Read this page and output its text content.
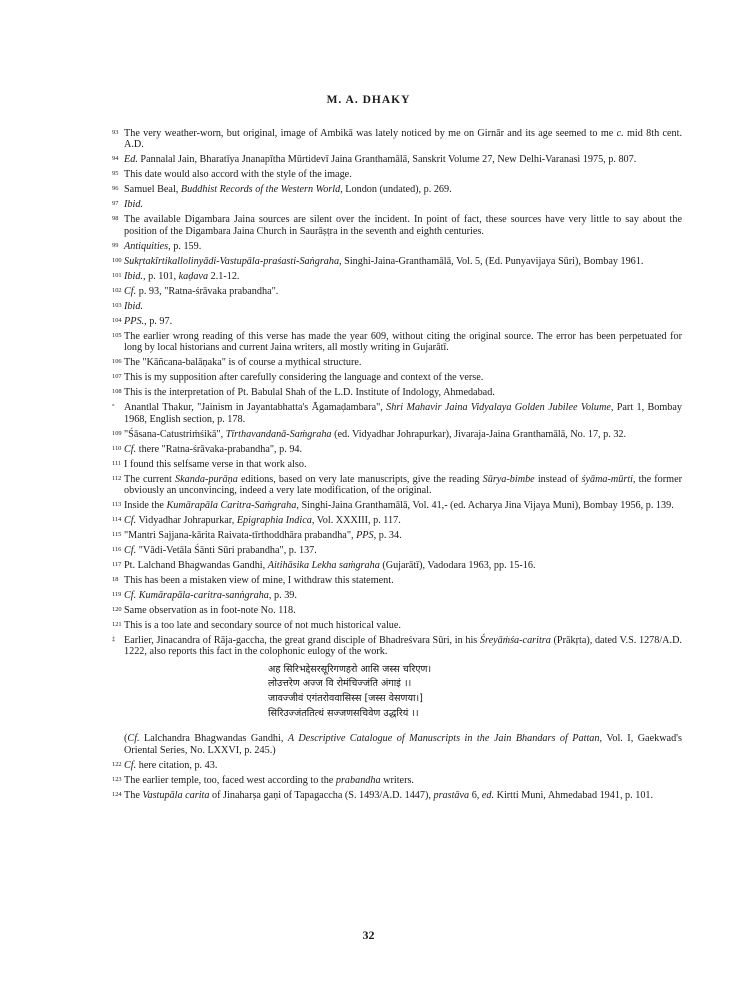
M. A. DHAKY
93 The very weather-worn, but original, image of Ambikā was lately noticed by me on Girnār and its age seemed to me c. mid 8th cent. A.D.
94 Ed. Pannalal Jain, Bharatīya Jnanapītha Mūrtidevī Jaina Granthamālā, Sanskrit Volume 27, New Delhi-Varanasi 1975, p. 807.
95 This date would also accord with the style of the image.
96 Samuel Beal, Buddhist Records of the Western World, London (undated), p. 269.
97 Ibid.
98 The available Digambara Jaina sources are silent over the incident. In point of fact, these sources have very little to say about the position of the Digambara Jaina Church in Saurāṣṭra in the seventh and eighth centuries.
99 Antiquities, p. 159.
100 Sukṛtakīrtikallolinyādi-Vastupāla-praśasti-Saṅgraha, Singhi-Jaina-Granthamālā, Vol. 5, (Ed. Punyavijaya Sūri), Bombay 1961.
101 Ibid., p. 101, kaḍava 2.1-12.
102 Cf. p. 93, "Ratna-śrāvaka prabandha".
103 Ibid.
104 PPS., p. 97.
105 The earlier wrong reading of this verse has made the year 609, without citing the original source. The error has been perpetuated for long by local historians and current Jaina writers, all mostly writing in Gujarātī.
106 The "Kāñcana-balāṇaka" is of course a mythical structure.
107 This is my supposition after carefully considering the language and context of the verse.
108 This is the interpretation of Pt. Babulal Shah of the L.D. Institute of Indology, Ahmedabad.
° Anantlal Thakur, "Jainism in Jayantabhatta's Āgamaḍambara", Shri Mahavir Jaina Vidyalaya Golden Jubilee Volume, Part 1, Bombay 1968, English section, p. 178.
109 "Śāsana-Catustriṁśikā", Tīrthavandanā-Saṁgraha (ed. Vidyadhar Johrapurkar), Jivaraja-Jaina Granthamālā, No. 17, p. 32.
110 Cf. there "Ratna-śrāvaka-prabandha", p. 94.
111 I found this selfsame verse in that work also.
112 The current Skanda-purāṇa editions, based on very late manuscripts, give the reading Sūrya-bimbe instead of śyāma-mūrti, the former obviously an unconvincing, indeed a very late modification, of the original.
113 Inside the Kumārapāla Caritra-Saṁgraha, Singhi-Jaina Granthamālā, Vol. 41,- (ed. Acharya Jina Vijaya Muni), Bombay 1956, p. 139.
114 Cf. Vidyadhar Johrapurkar, Epigraphia Indica, Vol. XXXIII, p. 117.
115 "Mantri Sajjana-kārita Raivata-tīrthoddhāra prabandha", PPS, p. 34.
116 Cf. "Vādi-Vetāla Śānti Sūri prabandha", p. 137.
117 Pt. Lalchand Bhagwandas Gandhi, Aitihāsika Lekha saṁgraha (Gujarātī), Vadodara 1963, pp. 15-16.
18 This has been a mistaken view of mine, I withdraw this statement.
119 Cf. Kumārapāla-caritra-sanṅgraha, p. 39.
120 Same observation as in foot-note No. 118.
121 This is a too late and secondary source of not much historical value.
‡ Earlier, Jinacandra of Rāja-gaccha, the great grand disciple of Bhadreśvara Sūri, in his Śreyāṁśa-caritra (Prākṛta), dated V.S. 1278/A.D. 1222, also reports this fact in the colophonic eulogy of the work.
अह सिरिभद्देसरसूरिगणहरो आसि जस्स चरिएण।
लोउत्तरेण अज्ज वि रोमंचिज्जंति अंगाइं ।।
जावज्जीवं एगंतरोववासिस्स [जस्स वेसणया।]
सिरिउज्जंततित्थं सज्जणसचिवेण उद्धरियं ।।
(Cf. Lalchandra Bhagwandas Gandhi, A Descriptive Catalogue of Manuscripts in the Jain Bhandars of Pattan, Vol. I, Gaekwad's Oriental Series, No. LXXVI, p. 245.)
122 Cf. here citation, p. 43.
123 The earlier temple, too, faced west according to the prabandha writers.
124 The Vastupāla carita of Jinaharṣa gaṇi of Tapagaccha (S. 1493/A.D. 1447), prastāva 6, ed. Kirtti Muni, Ahmedabad 1941, p. 101.
32
